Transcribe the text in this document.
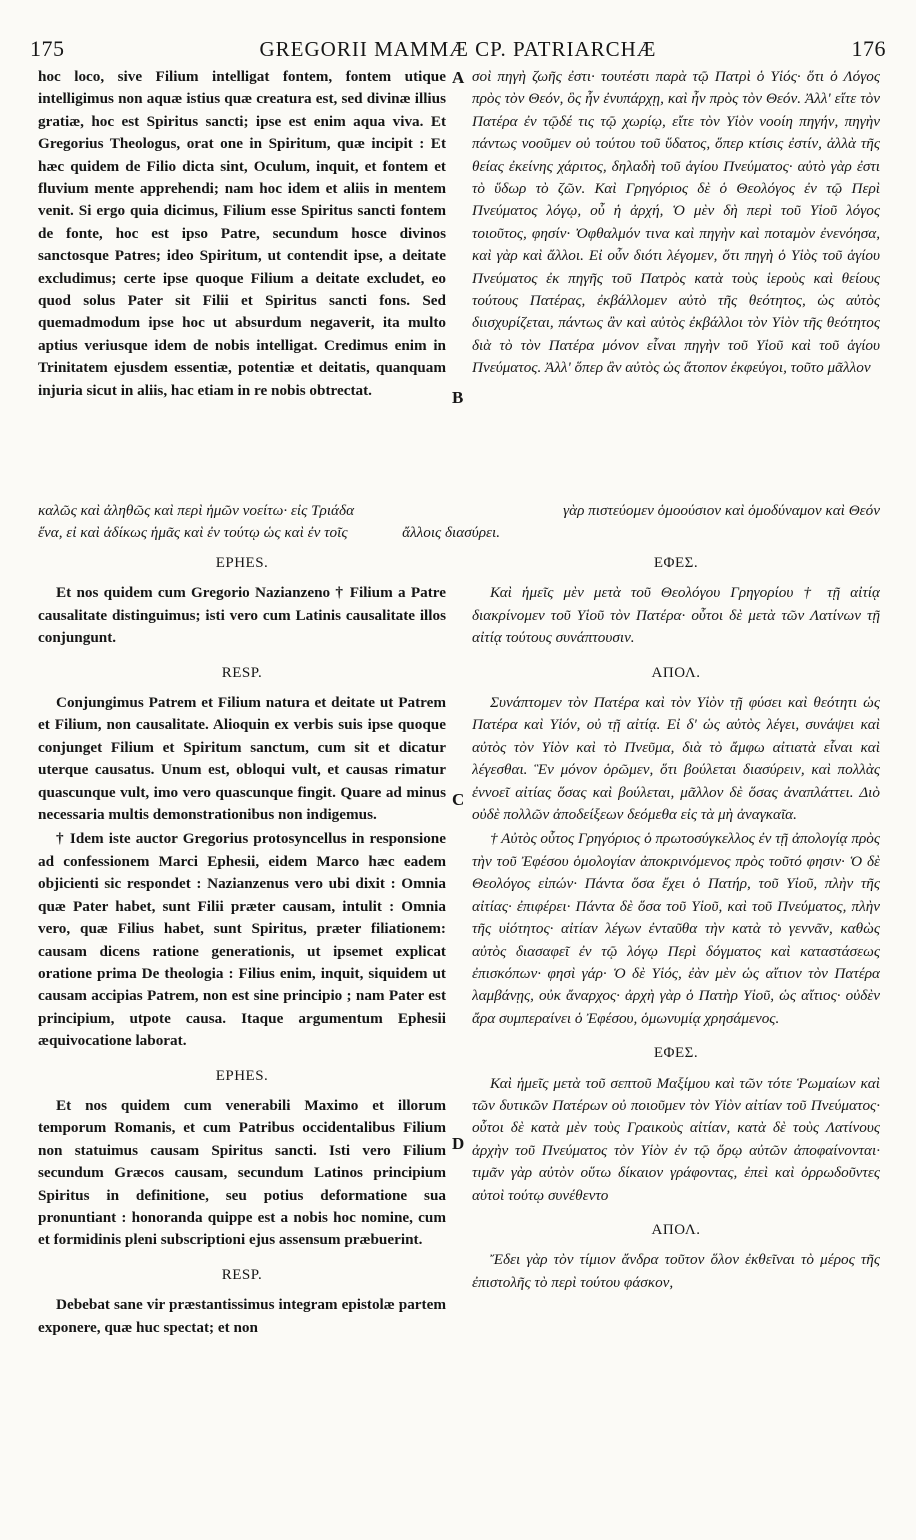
175	GREGORII MAMMÆ CP. PATRIARCHÆ	176
A
B
C
D

hoc loco, sive Filium intelligat fontem, fontem utique intelligimus non aquæ istius quæ creatura est, sed divinæ illius gratiæ, hoc est Spiritus sancti; ipse est enim aqua viva. Et Gregorius Theologus, orat one in Spiritum, quæ incipit : Et hæc quidem de Filio dicta sint, Oculum, inquit, et fontem et fluvium mente apprehendi; nam hoc idem et aliis in mentem venit. Si ergo quia dicimus, Filium esse Spiritus sancti fontem de fonte, hoc est ipso Patre, secundum hosce divinos sanctosque Patres; ideo Spiritum, ut contendit ipse, a deitate excludimus; certe ipse quoque Filium a deitate excludet, eo quod solus Pater sit Filii et Spiritus sancti fons. Sed quemadmodum ipse hoc ut absurdum negaverit, ita multo aptius veriusque idem de nobis intelligat. Credimus enim in Trinitatem ejusdem essentiæ, potentiæ et deitatis, quanquam injuria sicut in aliis, hac etiam in re nobis obtrectat.

σοὶ πηγὴ ζωῆς ἐστι· τουτέστι παρὰ τῷ Πατρὶ ὁ Υἱός· ὅτι ὁ Λόγος πρὸς τὸν Θεόν, ὃς ἦν ἐνυπάρχῃ, καὶ ἦν πρὸς τὸν Θεόν. Ἀλλ' εἴτε τὸν Πατέρα ἐν τῷδέ τις τῷ χωρίῳ, εἴτε τὸν Υἱὸν νοοίη πηγήν, πηγὴν πάντως νοοῦμεν οὐ τούτου τοῦ ὕδατος, ὅπερ κτίσις ἐστίν, ἀλλὰ τῆς θείας ἐκείνης χάριτος, δηλαδὴ τοῦ ἁγίου Πνεύματος· αὐτὸ γὰρ ἐστι τὸ ὕδωρ τὸ ζῶν. Καὶ Γρηγόριος δὲ ὁ Θεολόγος ἐν τῷ Περὶ Πνεύματος λόγῳ, οὗ ἡ ἀρχή, Ὁ μὲν δὴ περὶ τοῦ Υἱοῦ λόγος τοιοῦτος, φησίν· Ὀφθαλμόν τινα καὶ πηγὴν καὶ ποταμὸν ἐνενόησα, καὶ γὰρ καὶ ἄλλοι. Εἰ οὖν διότι λέγομεν, ὅτι πηγὴ ὁ Υἱὸς τοῦ ἁγίου Πνεύματος ἐκ πηγῆς τοῦ Πατρὸς κατὰ τοὺς ἱεροὺς καὶ θείους τούτους Πατέρας, ἐκβάλλομεν αὐτὸ τῆς θεότητος, ὡς αὐτὸς διισχυρίζεται, πάντως ἂν καὶ αὐτὸς ἐκβάλλοι τὸν Υἱὸν τῆς θεότητος διὰ τὸ τὸν Πατέρα μόνον εἶναι πηγὴν τοῦ Υἱοῦ καὶ τοῦ ἁγίου Πνεύματος. Ἀλλ' ὅπερ ἂν αὐτὸς ὡς ἄτοπον ἐκφεύγοι, τοῦτο μᾶλλον

καλῶς καὶ ἀληθῶς καὶ περὶ ἡμῶν νοείτω· εἰς Τριάδα	γὰρ πιστεύομεν ὁμοούσιον καὶ ὁμοδύναμον καὶ Θεόν
ἕνα, εἰ καὶ ἀδίκως ἡμᾶς καὶ ἐν τούτῳ ὡς καὶ ἐν τοῖς	ἄλλοις διασύρει.
EPHES.

Et nos quidem cum Gregorio Nazianzeno † Filium a Patre causalitate distinguimus; isti vero cum Latinis causalitate illos conjungunt.

RESP.

Conjungimus Patrem et Filium natura et deitate ut Patrem et Filium, non causalitate. Alioquin ex verbis suis ipse quoque conjunget Filium et Spiritum sanctum, cum sit et dicatur uterque causatus. Unum est, obloqui vult, et causas rimatur quascunque vult, imo vero quascunque fingit. Quare ad minus necessaria multis demonstrationibus non indigemus.

† Idem iste auctor Gregorius protosyncellus in responsione ad confessionem Marci Ephesii, eidem Marco hæc eadem objicienti sic respondet : Nazianzenus vero ubi dixit : Omnia quæ Pater habet, sunt Filii præter causam, intulit : Omnia vero, quæ Filius habet, sunt Spiritus, præter filiationem: causam dicens ratione generationis, ut ipsemet explicat oratione prima De theologia : Filius enim, inquit, siquidem ut causam accipias Patrem, non est sine principio ; nam Pater est principium, utpote causa. Itaque argumentum Ephesii æquivocatione laborat.

EPHES.

Et nos quidem cum venerabili Maximo et illorum temporum Romanis, et cum Patribus occidentalibus Filium non statuimus causam Spiritus sancti. Isti vero Filium secundum Græcos causam, secundum Latinos principium Spiritus in definitione, seu potius deformatione sua pronuntiant : honoranda quippe est a nobis hoc nomine, cum et formidinis pleni subscriptioni ejus assensum præbuerint.

RESP.

Debebat sane vir præstantissimus integram epistolæ partem exponere, quæ huc spectat; et non

ΕΦΕΣ.

Καὶ ἡμεῖς μὲν μετὰ τοῦ Θεολόγου Γρηγορίου † τῇ αἰτίᾳ διακρίνομεν τοῦ Υἱοῦ τὸν Πατέρα· οὗτοι δὲ μετὰ τῶν Λατίνων τῇ αἰτίᾳ τούτους συνάπτουσιν.

ΑΠΟΛ.

Συνάπτομεν τὸν Πατέρα καὶ τὸν Υἱὸν τῇ φύσει καὶ θεότητι ὡς Πατέρα καὶ Υἱόν, οὐ τῇ αἰτίᾳ. Εἰ δ' ὡς αὐτὸς λέγει, συνάψει καὶ αὐτὸς τὸν Υἱὸν καὶ τὸ Πνεῦμα, διὰ τὸ ἄμφω αἰτιατὰ εἶναι καὶ λέγεσθαι. Ἓν μόνον ὁρῶμεν, ὅτι βούλεται διασύρειν, καὶ πολλὰς ἐννοεῖ αἰτίας ὅσας καὶ βούλεται, μᾶλλον δὲ ὅσας ἀναπλάττει. Διὸ οὐδὲ πολλῶν ἀποδείξεων δεόμεθα εἰς τὰ μὴ ἀναγκαῖα.

† Αὐτὸς οὗτος Γρηγόριος ὁ πρωτοσύγκελλος ἐν τῇ ἀπολογίᾳ πρὸς τὴν τοῦ Ἐφέσου ὁμολογίαν ἀποκρινόμενος πρὸς τοῦτό φησιν· Ὁ δὲ Θεολόγος εἰπών· Πάντα ὅσα ἔχει ὁ Πατήρ, τοῦ Υἱοῦ, πλὴν τῆς αἰτίας· ἐπιφέρει· Πάντα δὲ ὅσα τοῦ Υἱοῦ, καὶ τοῦ Πνεύματος, πλὴν τῆς υἱότητος· αἰτίαν λέγων ἐνταῦθα τὴν κατὰ τὸ γεννᾶν, καθὼς αὐτὸς διασαφεῖ ἐν τῷ λόγῳ Περὶ δόγματος καὶ καταστάσεως ἐπισκόπων· φησὶ γάρ· Ὁ δὲ Υἱός, ἐὰν μὲν ὡς αἴτιον τὸν Πατέρα λαμβάνῃς, οὐκ ἄναρχος· ἀρχὴ γὰρ ὁ Πατὴρ Υἱοῦ, ὡς αἴτιος· οὐδὲν ἄρα συμπεραίνει ὁ Ἐφέσου, ὁμωνυμίᾳ χρησάμενος.

ΕΦΕΣ.

Καὶ ἡμεῖς μετὰ τοῦ σεπτοῦ Μαξίμου καὶ τῶν τότε Ῥωμαίων καὶ τῶν δυτικῶν Πατέρων οὐ ποιοῦμεν τὸν Υἱὸν αἰτίαν τοῦ Πνεύματος· οὗτοι δὲ κατὰ μὲν τοὺς Γραικοὺς αἰτίαν, κατὰ δὲ τοὺς Λατίνους ἀρχὴν τοῦ Πνεύματος τὸν Υἱὸν ἐν τῷ ὅρῳ αὐτῶν ἀποφαίνονται· τιμᾶν γὰρ αὐτὸν οὕτω δίκαιον γράφοντας, ἐπεὶ καὶ ὀρρωδοῦντες αὐτοὶ τούτῳ συνέθεντο

ΑΠΟΛ.

Ἔδει γὰρ τὸν τίμιον ἄνδρα τοῦτον ὅλον ἐκθεῖναι τὸ μέρος τῆς ἐπιστολῆς τὸ περὶ τούτου φάσκον,
